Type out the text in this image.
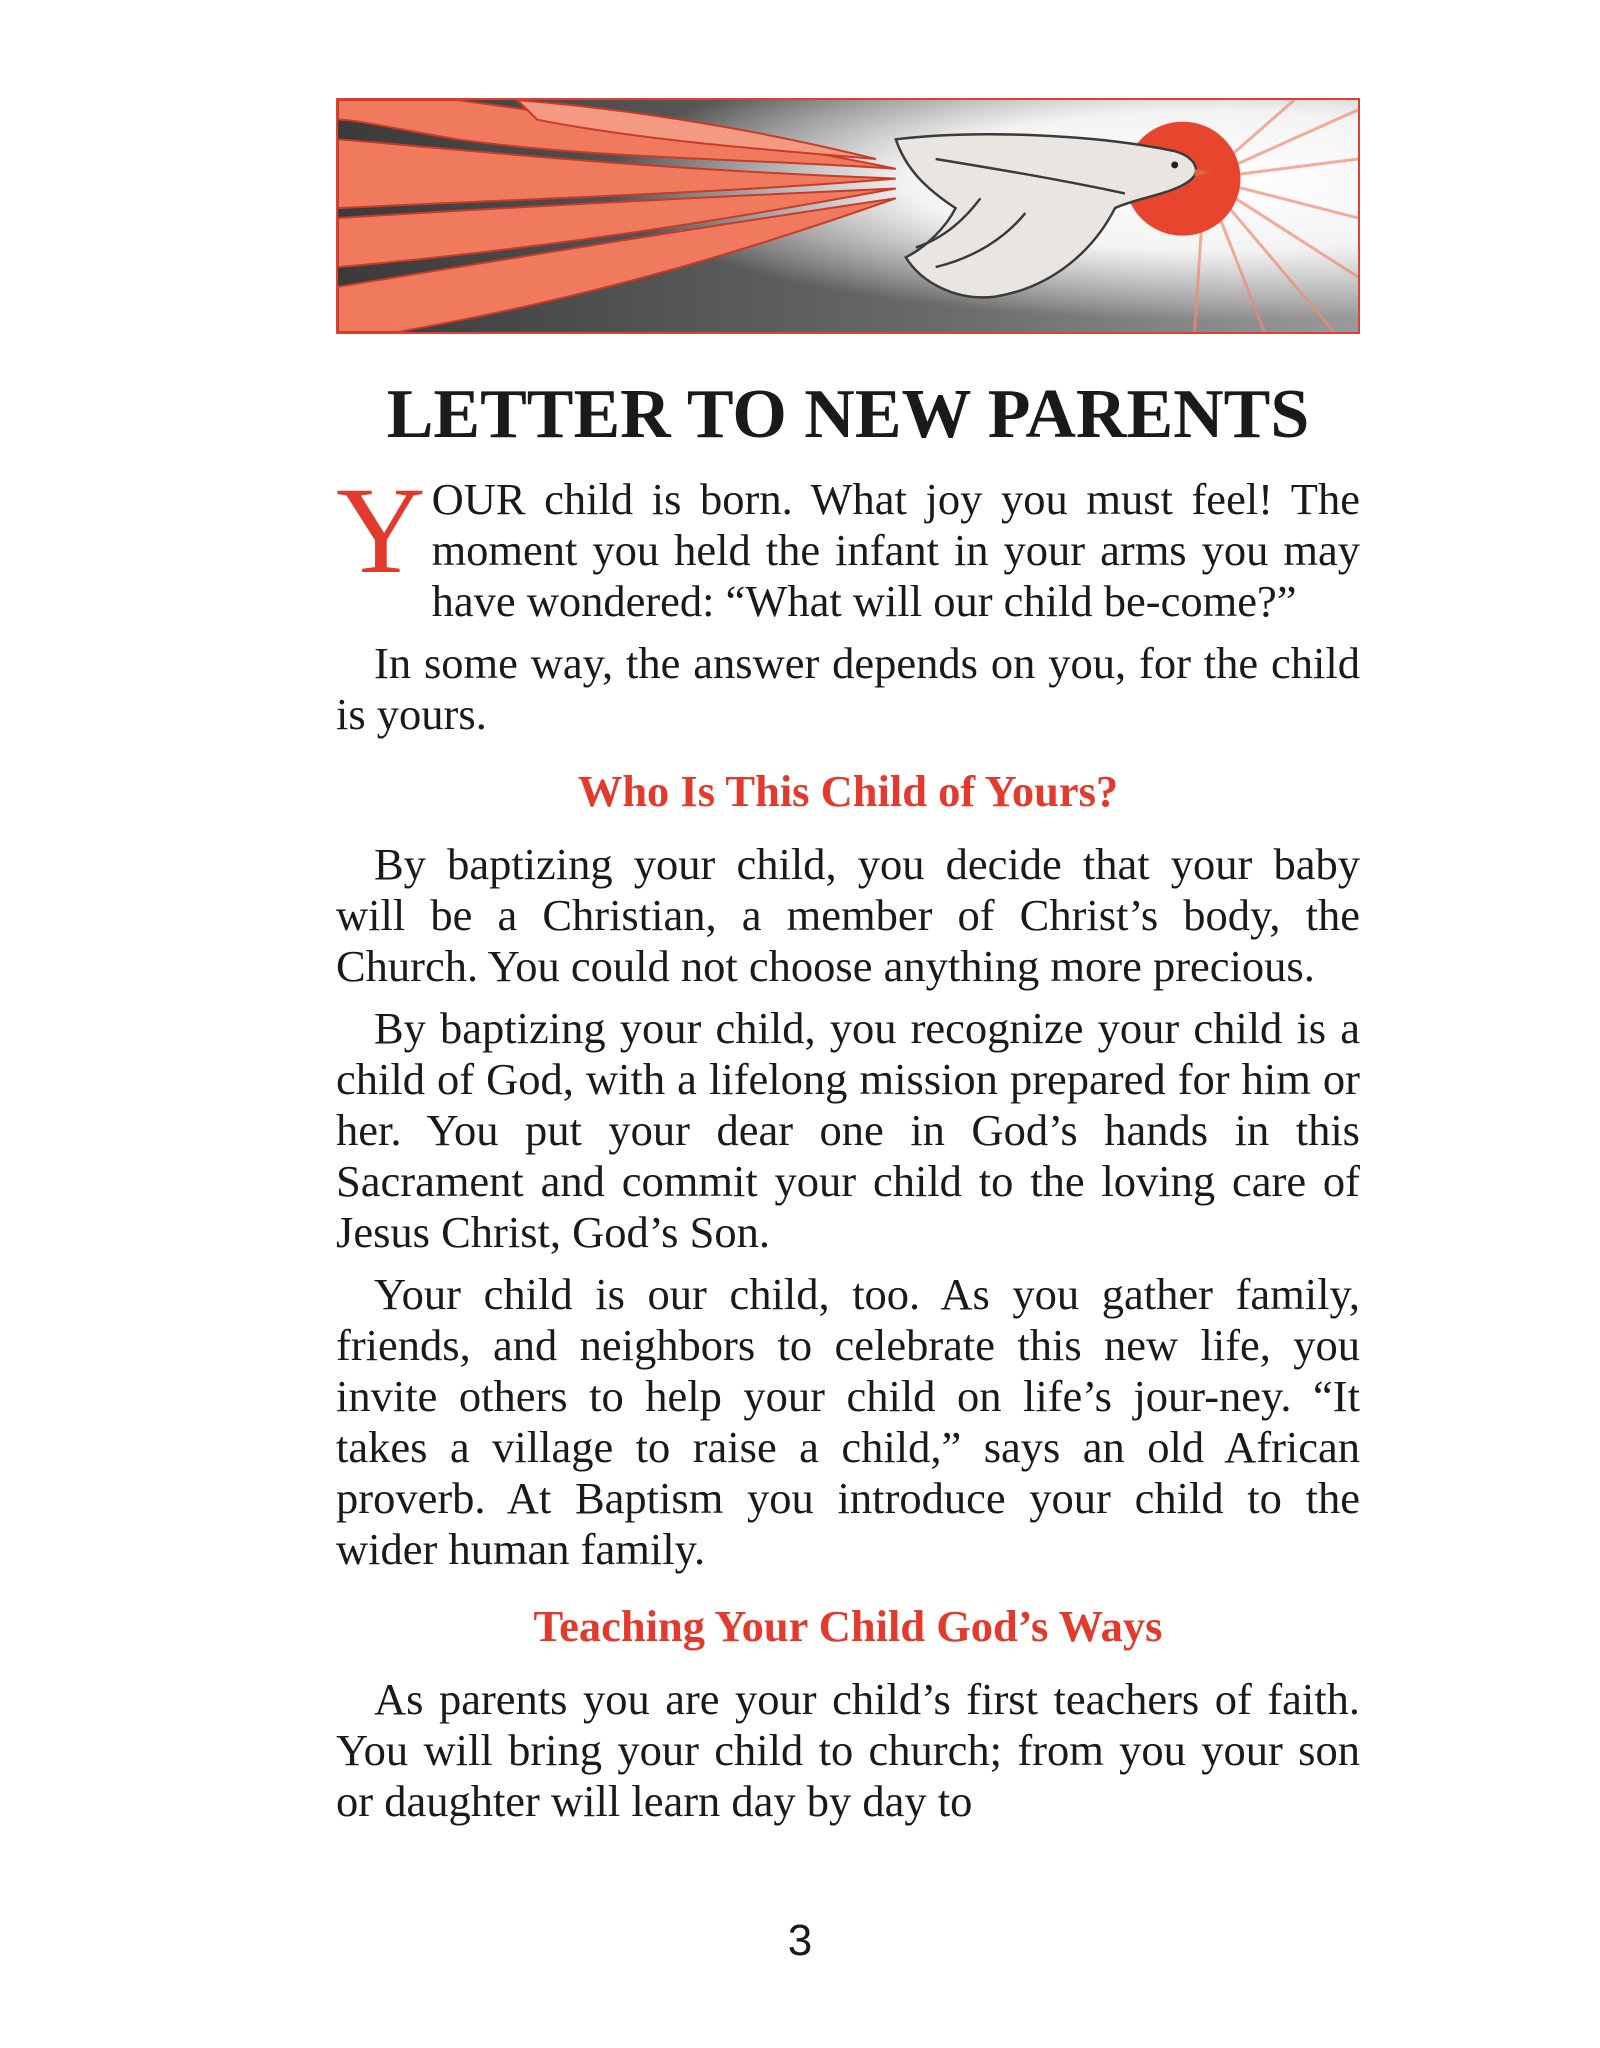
LETTER TO NEW PARENTS

YOUR child is born. What joy you must feel! The moment you held the infant in your arms you may have wondered: “What will our child be-come?”

In some way, the answer depends on you, for the child is yours.

Who Is This Child of Yours?

By baptizing your child, you decide that your baby will be a Christian, a member of Christ’s body, the Church. You could not choose anything more precious.

By baptizing your child, you recognize your child is a child of God, with a lifelong mission prepared for him or her. You put your dear one in God’s hands in this Sacrament and commit your child to the loving care of Jesus Christ, God’s Son.

Your child is our child, too. As you gather family, friends, and neighbors to celebrate this new life, you invite others to help your child on life’s jour-ney. “It takes a village to raise a child,” says an old African proverb. At Baptism you introduce your child to the wider human family.

Teaching Your Child God’s Ways

As parents you are your child’s first teachers of faith. You will bring your child to church; from you your son or daughter will learn day by day to

3
